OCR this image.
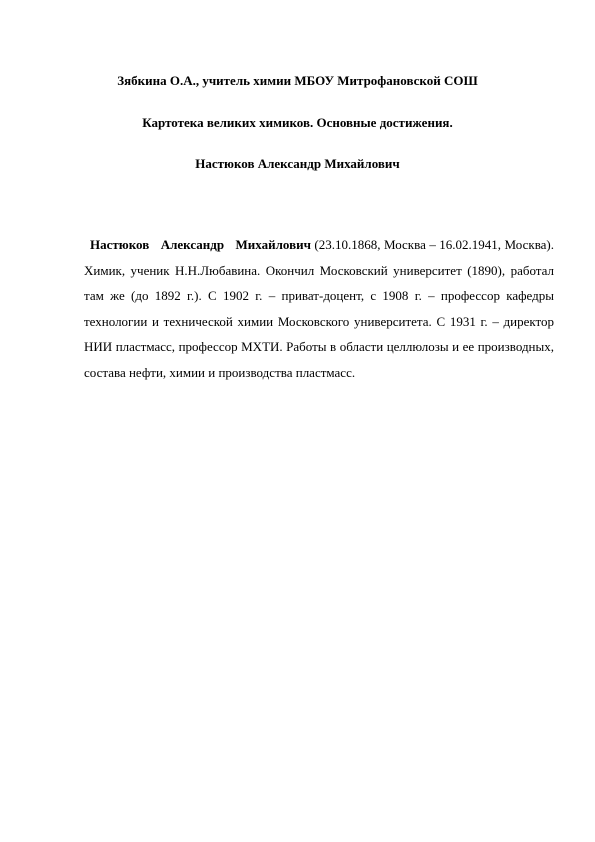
Зябкина О.А., учитель химии МБОУ Митрофановской СОШ

Картотека великих химиков. Основные достижения.

Настюков Александр Михайлович

Настюков Александр Михайлович (23.10.1868, Москва – 16.02.1941, Москва). Химик, ученик Н.Н.Любавина. Окончил Московский университет (1890), работал там же (до 1892 г.). С 1902 г. – приват-доцент, с 1908 г. – профессор кафедры технологии и технической химии Московского университета. С 1931 г. – директор НИИ пластмасс, профессор МХТИ. Работы в области целлюлозы и ее производных, состава нефти, химии и производства пластмасс.
